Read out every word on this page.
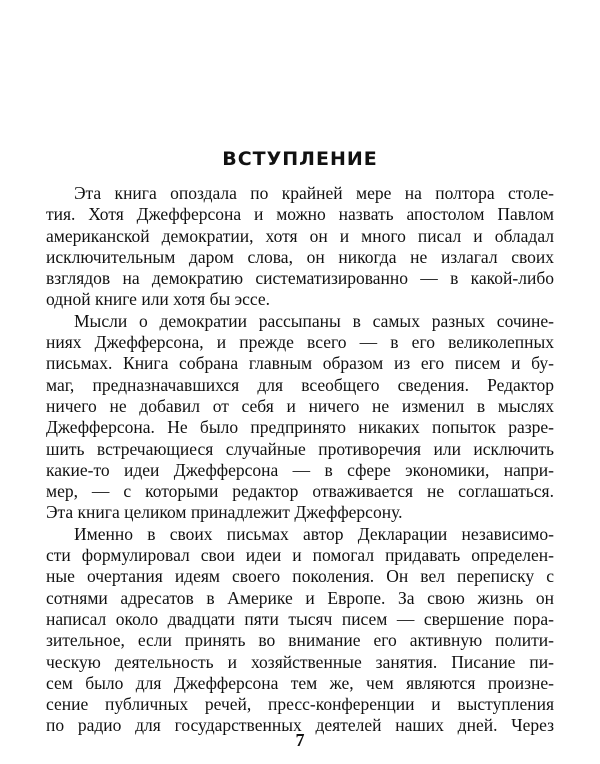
ВСТУПЛЕНИЕ
Эта книга опоздала по крайней мере на полтора столе-
тия. Хотя Джефферсона и можно назвать апостолом Павлом
американской демократии, хотя он и много писал и обладал
исключительным даром слова, он никогда не излагал своих
взглядов на демократию систематизированно — в какой-либо
одной книге или хотя бы эссе.
Мысли о демократии рассыпаны в самых разных сочине-
ниях Джефферсона, и прежде всего — в его великолепных
письмах. Книга собрана главным образом из его писем и бу-
маг, предназначавшихся для всеобщего сведения. Редактор
ничего не добавил от себя и ничего не изменил в мыслях
Джефферсона. Не было предпринято никаких попыток разре-
шить встречающиеся случайные противоречия или исключить
какие-то идеи Джефферсона — в сфере экономики, напри-
мер, — с которыми редактор отваживается не соглашаться.
Эта книга целиком принадлежит Джефферсону.
Именно в своих письмах автор Декларации независимо-
сти формулировал свои идеи и помогал придавать определен-
ные очертания идеям своего поколения. Он вел переписку с
сотнями адресатов в Америке и Европе. За свою жизнь он
написал около двадцати пяти тысяч писем — свершение пора-
зительное, если принять во внимание его активную полити-
ческую деятельность и хозяйственные занятия. Писание пи-
сем было для Джефферсона тем же, чем являются произне-
сение публичных речей, пресс-конференции и выступления
по радио для государственных деятелей наших дней. Через
7
